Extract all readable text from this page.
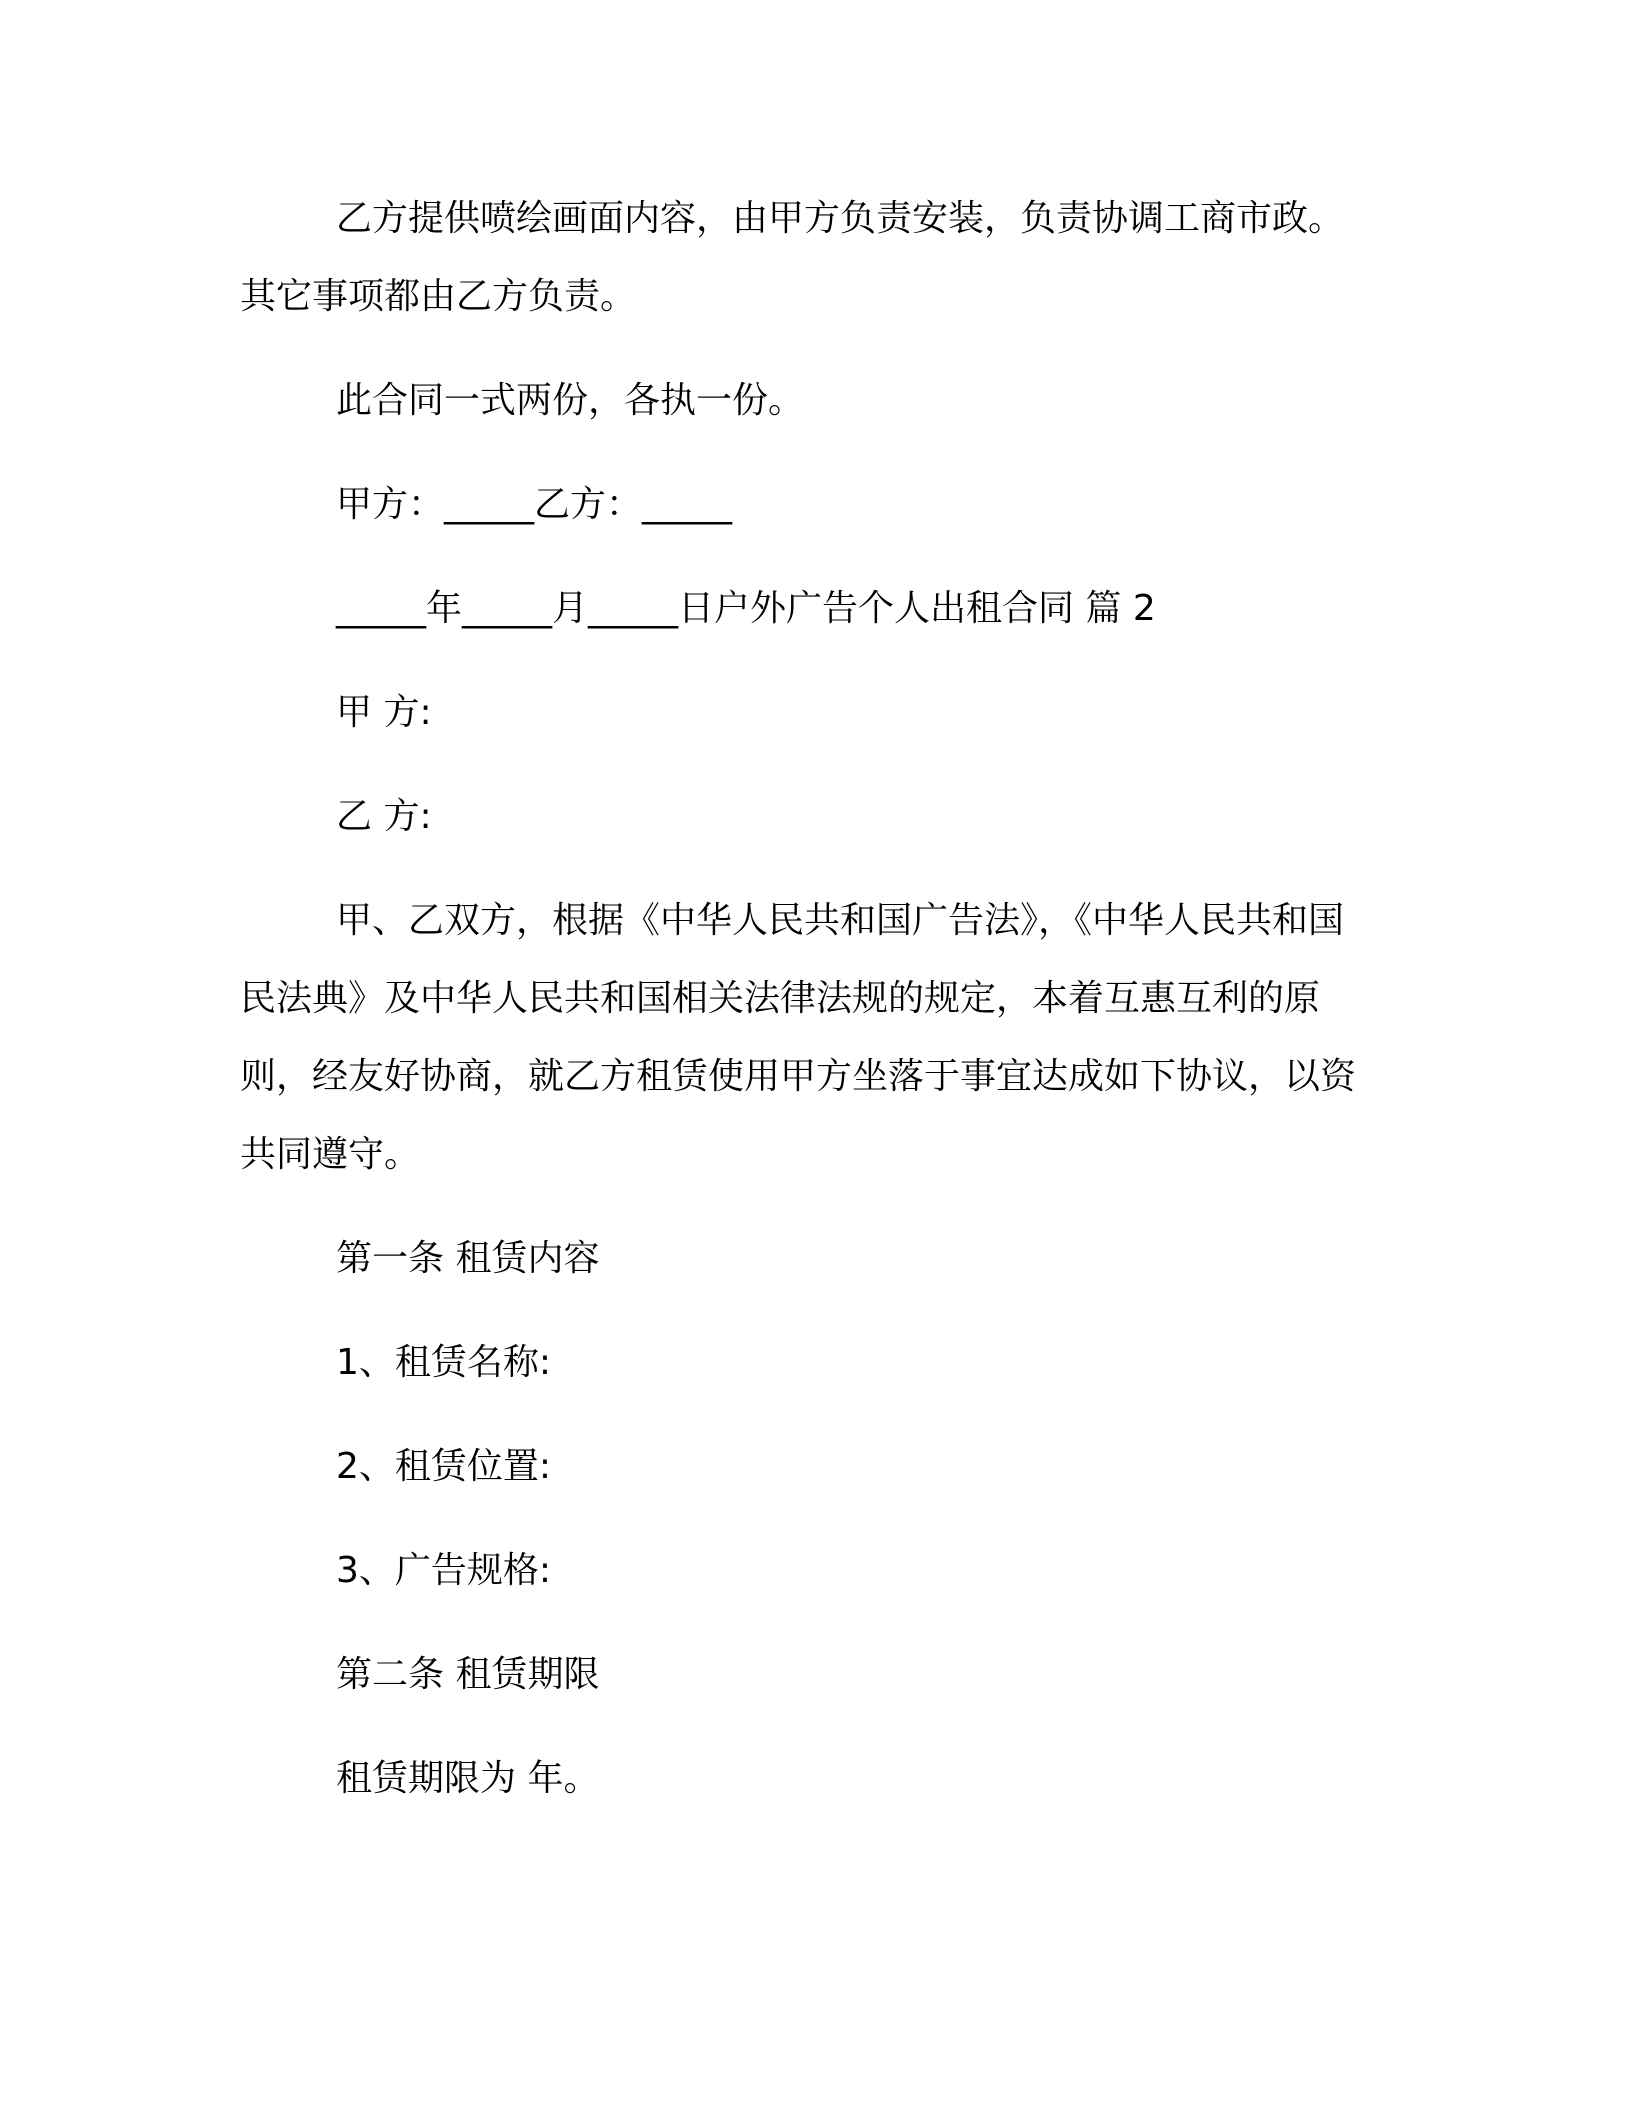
乙方提供喷绘画面内容，由甲方负责安装，负责协调工商市政。其它事项都由乙方负责。

此合同一式两份，各执一份。

甲方：_____乙方：_____

_____年_____月_____日户外广告个人出租合同 篇 2

甲 方:

乙 方:

甲、乙双方，根据《中华人民共和国广告法》，《中华人民共和国民法典》及中华人民共和国相关法律法规的规定，本着互惠互利的原则，经友好协商，就乙方租赁使用甲方坐落于事宜达成如下协议，以资共同遵守。

第一条 租赁内容

1、租赁名称:

2、租赁位置:

3、广告规格:

第二条 租赁期限

租赁期限为 年。
